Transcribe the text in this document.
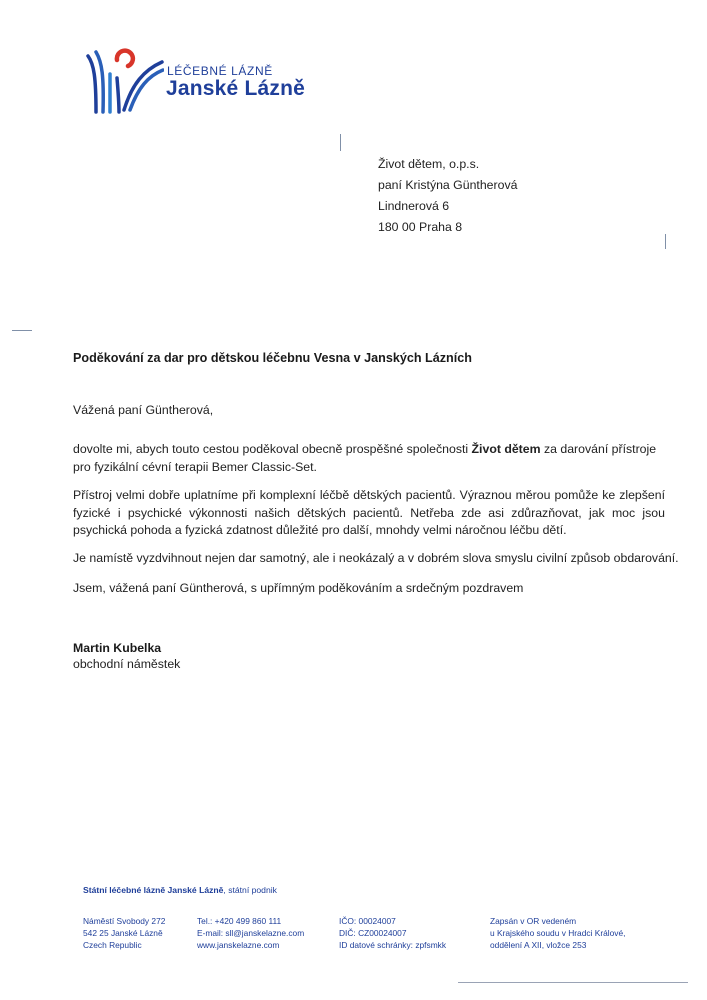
LÉČEBNÉ LÁZNĚ
Janské Lázně
Život dětem, o.p.s.
paní Kristýna Güntherová
Lindnerová 6
180 00 Praha 8
Poděkování za dar pro dětskou léčebnu Vesna v Janských Lázních
Vážená paní Güntherová,
dovolte mi, abych touto cestou poděkoval obecně prospěšné společnosti Život dětem za darování přístroje pro fyzikální cévní terapii Bemer Classic-Set.
Přístroj velmi dobře uplatníme při komplexní léčbě dětských pacientů. Výraznou měrou pomůže ke zlepšení fyzické i psychické výkonnosti našich dětských pacientů. Netřeba zde asi zdůrazňovat, jak moc jsou psychická pohoda a fyzická zdatnost důležité pro další, mnohdy velmi náročnou léčbu dětí.
Je namístě vyzdvihnout nejen dar samotný, ale i neokázalý a v dobrém slova smyslu civilní způsob obdarování.
Jsem, vážená paní Güntherová, s upřímným poděkováním a srdečným pozdravem
Martin Kubelka
obchodní náměstek
Státní léčebné lázně Janské Lázně, státní podnik
Náměstí Svobody 272
542 25 Janské Lázně
Czech Republic
Tel.: +420 499 860 111
E-mail: sll@janskelazne.com
www.janskelazne.com
IČO: 00024007
DIČ: CZ00024007
ID datové schránky: zpfsmkk
Zapsán v OR vedeném
u Krajského soudu v Hradci Králové,
oddělení A XII, vložce 253
